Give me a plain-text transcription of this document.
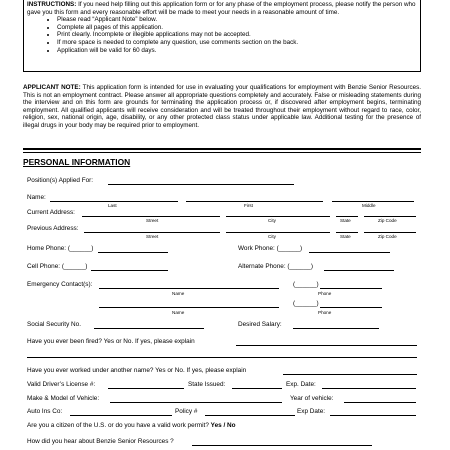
INSTRUCTIONS: If you need help filling out this application form or for any phase of the employment process, please notify the person who gave you this form and every reasonable effort will be made to meet your needs in a reasonable amount of time.
• Please read “Applicant Note” below.
• Complete all pages of this application.
• Print clearly. Incomplete or illegible applications may not be accepted.
• If more space is needed to complete any question, use comments section on the back.
• Application will be valid for 60 days.
APPLICANT NOTE: This application form is intended for use in evaluating your qualifications for employment with Benzie Senior Resources. This is not an employment contract. Please answer all appropriate questions completely and accurately. False or misleading statements during the interview and on this form are grounds for terminating the application process or, if discovered after employment begins, terminating employment. All qualified applicants will receive consideration and will be treated throughout their employment without regard to race, color, religion, sex, national origin, age, disability, or any other protected class status under applicable law. Additional testing for the presence of illegal drugs in your body may be required prior to employment.
PERSONAL INFORMATION
Position(s) Applied For:
Name:
Last	First	Middle
Current Address:
Street	City	State	Zip Code
Previous Address:
Street	City	State	Zip Code
Home Phone: (______)	Work Phone: (______)
Cell Phone: (______)	Alternate Phone: (______)
Emergency Contact(s):	(______)
Name	Phone
(______)
Name	Phone
Social Security No.	Desired Salary:
Have you ever been fired? Yes or No. If yes, please explain
Have you ever worked under another name? Yes or No. If yes, please explain
Valid Driver’s License #:	State Issued:	Exp. Date:
Make & Model of Vehicle:	Year of vehicle:
Auto Ins Co:	Policy #	Exp Date:
Are you a citizen of the U.S. or do you have a valid work permit? Yes / No
How did you hear about Benzie Senior Resources ?
